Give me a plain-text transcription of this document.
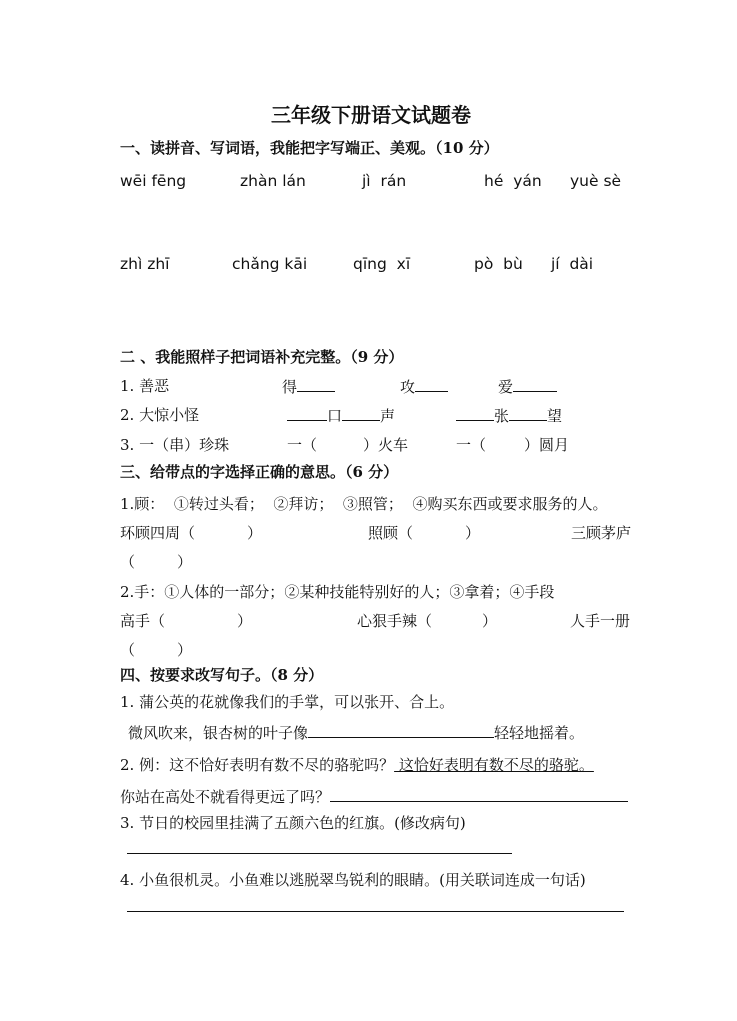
三年级下册语文试题卷
一、读拼音、写词语，我能把字写端正、美观。（10 分）
wēi fēng	zhàn lán	jì  rán	hé  yán yuè sè
zhì zhī	chǎng kāi	qīng  xī	pò  bù jí  dài
二 、我能照样子把词语补充完整。（9 分）
1. 善恶	得	攻	爱
2. 大惊小怪	口	声	张	望
3. 一（串）珍珠	一（	）火车	一（	）圆月
三、给带点的字选择正确的意思。（6 分）
1.顾：  ①转过头看；  ②拜访；  ③照管；  ④购买东西或要求服务的人。
环顾四周（	）	照顾（	）	三顾茅庐
（	）
2.手：①人体的一部分；②某种技能特别好的人；③拿着；④手段
高手（	）	心狠手辣（	）	人手一册
（	）
四、按要求改写句子。（8 分）
1. 蒲公英的花就像我们的手掌，可以张开、合上。
微风吹来，银杏树的叶子像	轻轻地摇着。
2. 例：这不恰好表明有数不尽的骆驼吗？ 这恰好表明有数不尽的骆驼。
你站在高处不就看得更远了吗？
3. 节日的校园里挂满了五颜六色的红旗。(修改病句)
4. 小鱼很机灵。小鱼难以逃脱翠鸟锐利的眼睛。(用关联词连成一句话)
